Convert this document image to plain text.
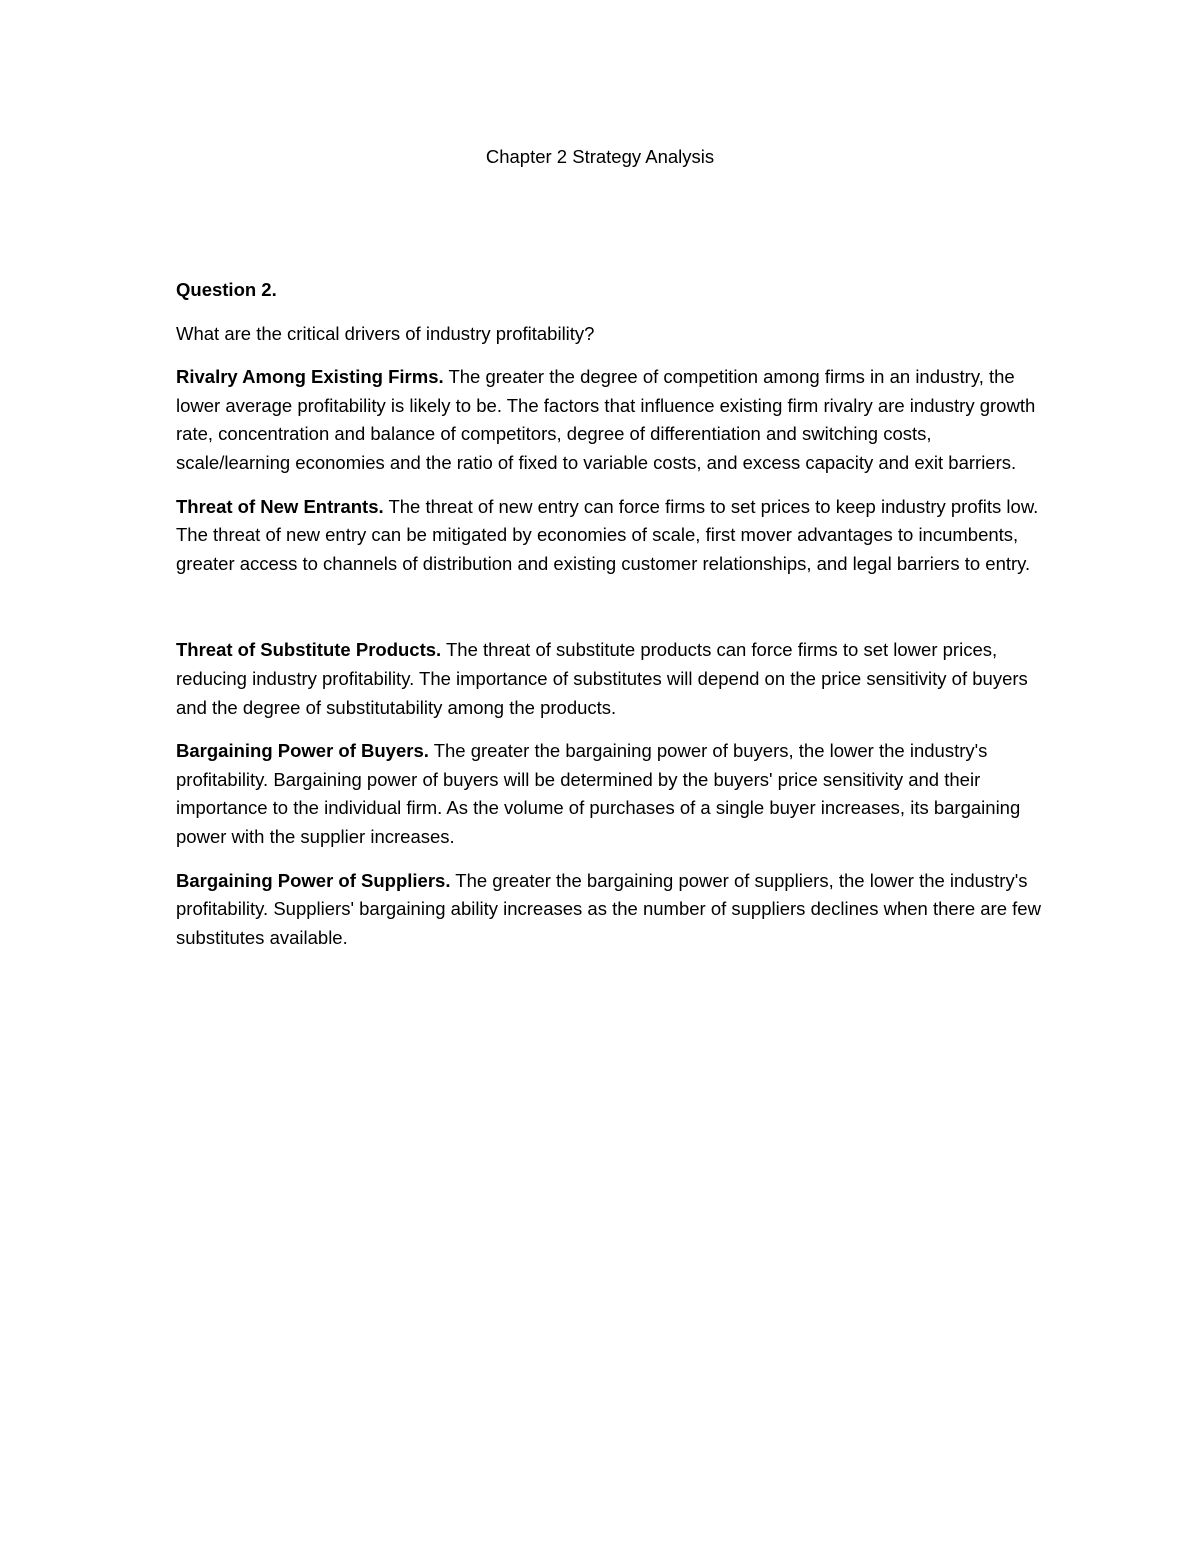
Chapter 2 Strategy Analysis

Question 2.

What are the critical drivers of industry profitability?

Rivalry Among Existing Firms. The greater the degree of competition among firms in an industry, the lower average profitability is likely to be. The factors that influence existing firm rivalry are industry growth rate, concentration and balance of competitors, degree of differentiation and switching costs, scale/learning economies and the ratio of fixed to variable costs, and excess capacity and exit barriers.

Threat of New Entrants. The threat of new entry can force firms to set prices to keep industry profits low. The threat of new entry can be mitigated by economies of scale, first mover advantages to incumbents, greater access to channels of distribution and existing customer relationships, and legal barriers to entry.

Threat of Substitute Products. The threat of substitute products can force firms to set lower prices, reducing industry profitability. The importance of substitutes will depend on the price sensitivity of buyers and the degree of substitutability among the products.

Bargaining Power of Buyers. The greater the bargaining power of buyers, the lower the industry's profitability. Bargaining power of buyers will be determined by the buyers' price sensitivity and their importance to the individual firm. As the volume of purchases of a single buyer increases, its bargaining power with the supplier increases.

Bargaining Power of Suppliers. The greater the bargaining power of suppliers, the lower the industry's profitability. Suppliers' bargaining ability increases as the number of suppliers declines when there are few substitutes available.
